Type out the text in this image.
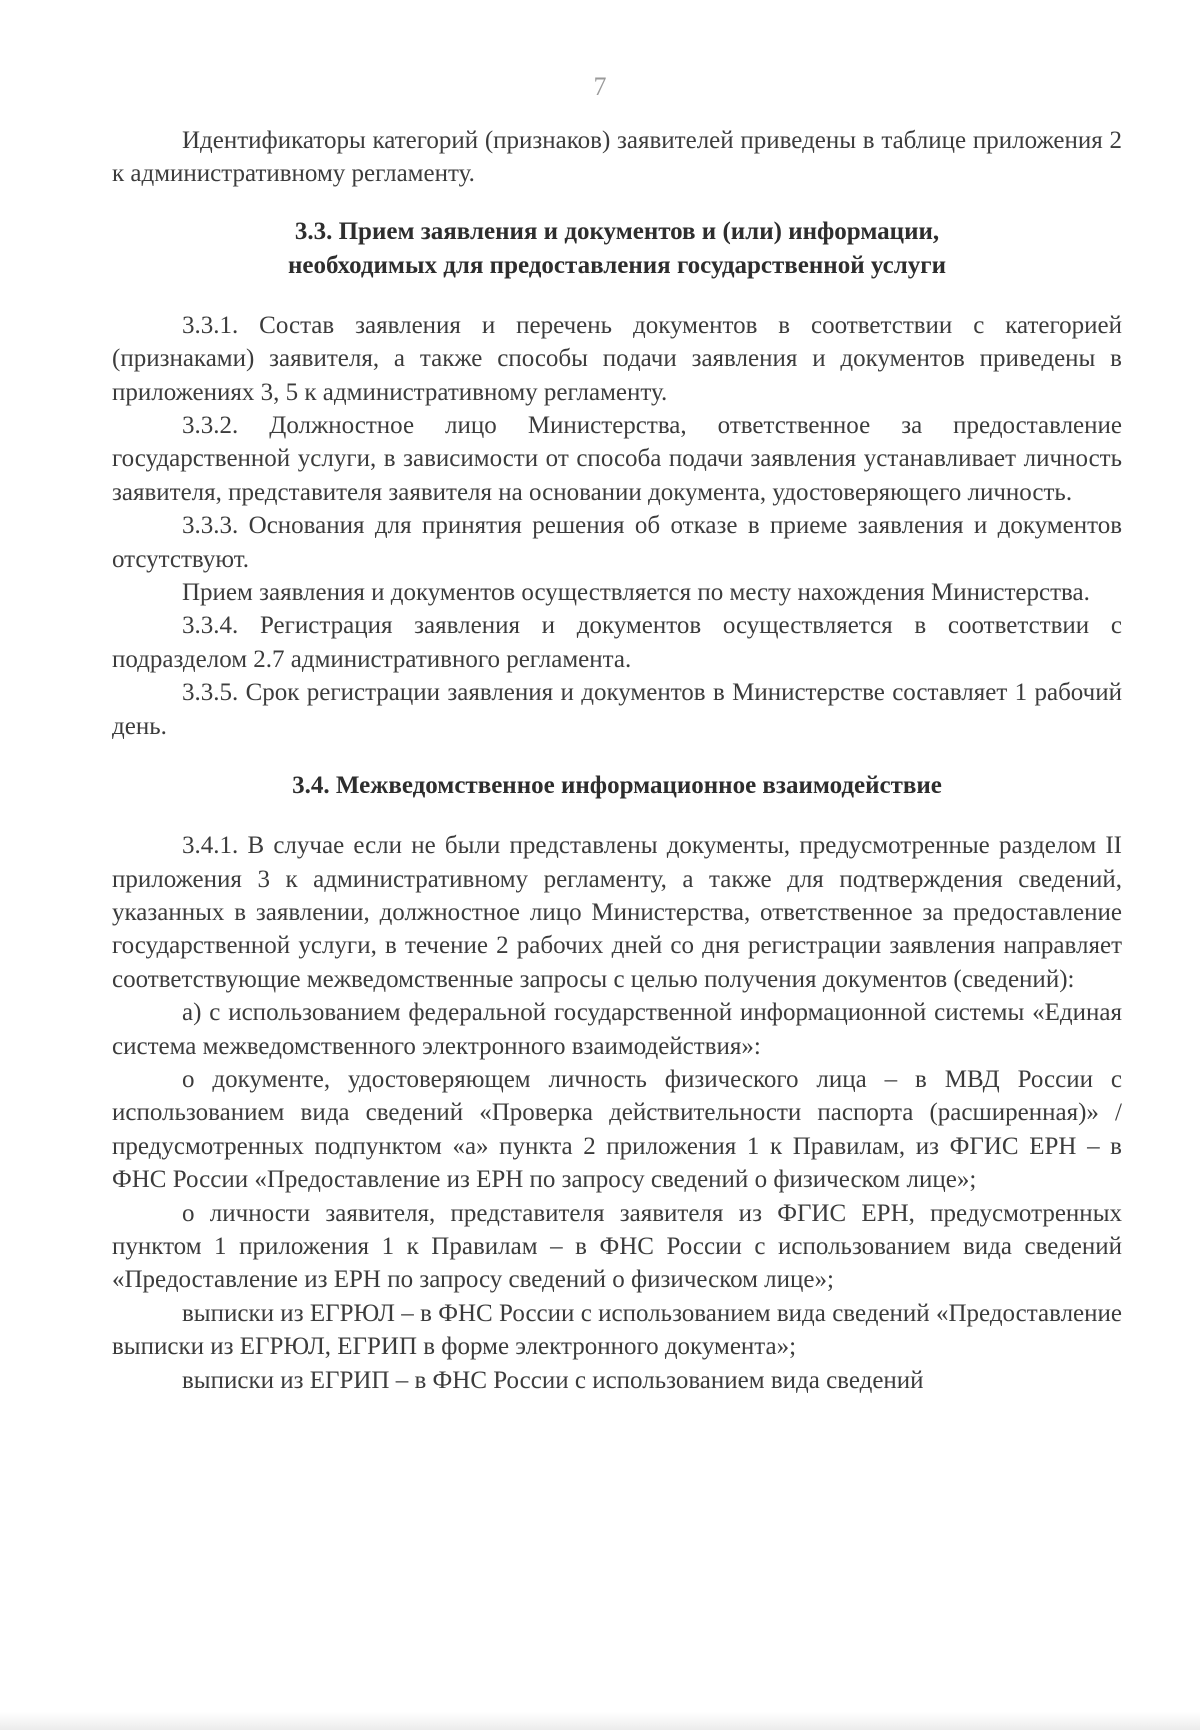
7

Идентификаторы категорий (признаков) заявителей приведены в таблице приложения 2 к административному регламенту.

3.3. Прием заявления и документов и (или) информации,
необходимых для предоставления государственной услуги

3.3.1. Состав заявления и перечень документов в соответствии с категорией (признаками) заявителя, а также способы подачи заявления и документов приведены в приложениях 3, 5 к административному регламенту.

3.3.2. Должностное лицо Министерства, ответственное за предоставление государственной услуги, в зависимости от способа подачи заявления устанавливает личность заявителя, представителя заявителя на основании документа, удостоверяющего личность.

3.3.3. Основания для принятия решения об отказе в приеме заявления и документов отсутствуют.

Прием заявления и документов осуществляется по месту нахождения Министерства.

3.3.4. Регистрация заявления и документов осуществляется в соответствии с подразделом 2.7 административного регламента.

3.3.5. Срок регистрации заявления и документов в Министерстве составляет 1 рабочий день.

3.4. Межведомственное информационное взаимодействие

3.4.1. В случае если не были представлены документы, предусмотренные разделом II приложения 3 к административному регламенту, а также для подтверждения сведений, указанных в заявлении, должностное лицо Министерства, ответственное за предоставление государственной услуги, в течение 2 рабочих дней со дня регистрации заявления направляет соответствующие межведомственные запросы с целью получения документов (сведений):

а) с использованием федеральной государственной информационной системы «Единая система межведомственного электронного взаимодействия»:

о документе, удостоверяющем личность физического лица – в МВД России с использованием вида сведений «Проверка действительности паспорта (расширенная)» / предусмотренных подпунктом «а» пункта 2 приложения 1 к Правилам, из ФГИС ЕРН – в ФНС России «Предоставление из ЕРН по запросу сведений о физическом лице»;

о личности заявителя, представителя заявителя из ФГИС ЕРН, предусмотренных пунктом 1 приложения 1 к Правилам – в ФНС России с использованием вида сведений «Предоставление из ЕРН по запросу сведений о физическом лице»;

выписки из ЕГРЮЛ – в ФНС России с использованием вида сведений «Предоставление выписки из ЕГРЮЛ, ЕГРИП в форме электронного документа»;

выписки из ЕГРИП – в ФНС России с использованием вида сведений
